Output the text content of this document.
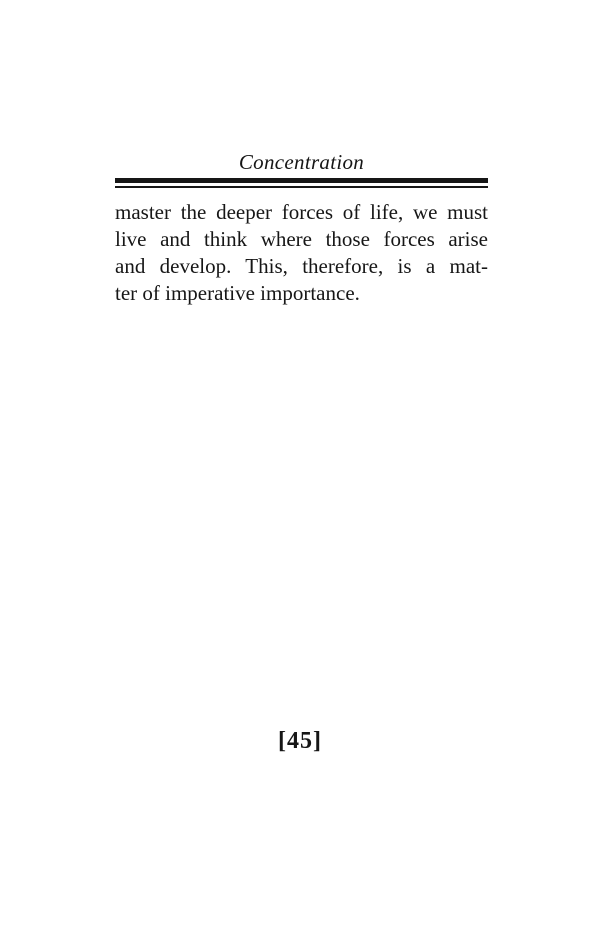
Concentration
master the deeper forces of life, we must
live and think where those forces arise
and develop. This, therefore, is a mat-
ter of imperative importance.
[45]
